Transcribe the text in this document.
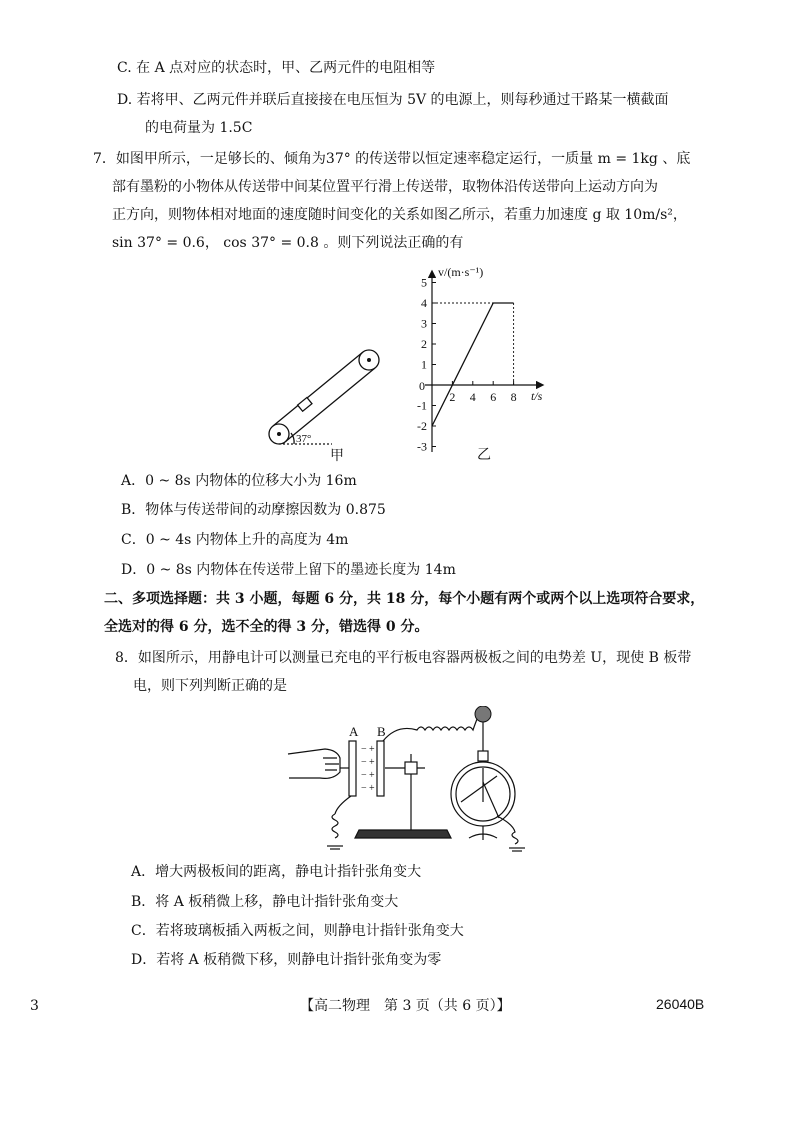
C. 在 A 点对应的状态时，甲、乙两元件的电阻相等
D. 若将甲、乙两元件并联后直接接在电压恒为 5V 的电源上，则每秒通过干路某一横截面
的电荷量为 1.5C
7．如图甲所示，一足够长的、倾角为37° 的传送带以恒定速率稳定运行，一质量 m = 1kg 、底
部有墨粉的小物体从传送带中间某位置平行滑上传送带，取物体沿传送带向上运动方向为
正方向，则物体相对地面的速度随时间变化的关系如图乙所示，若重力加速度 g 取 10m/s²，
sin 37° = 0.6， cos 37° = 0.8 。则下列说法正确的有
37°
甲
-3
-2
-1
1
2
3
4
5
2 4 6 8
v/(m·s⁻¹)
t/s
0
乙
A．0 ~ 8s 内物体的位移大小为 16m
B．物体与传送带间的动摩擦因数为 0.875
C．0 ~ 4s 内物体上升的高度为 4m
D．0 ~ 8s 内物体在传送带上留下的墨迹长度为 14m
二、多项选择题：共 3 小题，每题 6 分，共 18 分，每个小题有两个或两个以上选项符合要求，
全选对的得 6 分，选不全的得 3 分，错选得 0 分。
8．如图所示，用静电计可以测量已充电的平行板电容器两极板之间的电势差 U，现使 B 板带
电，则下列判断正确的是
A B
−
−
−
−
+
+
+
+
A．增大两极板间的距离，静电计指针张角变大
B．将 A 板稍微上移，静电计指针张角变大
C．若将玻璃板插入两板之间，则静电计指针张角变大
D．若将 A 板稍微下移，则静电计指针张角变为零
3	【高二物理　第 3 页（共 6 页）】	26040B
